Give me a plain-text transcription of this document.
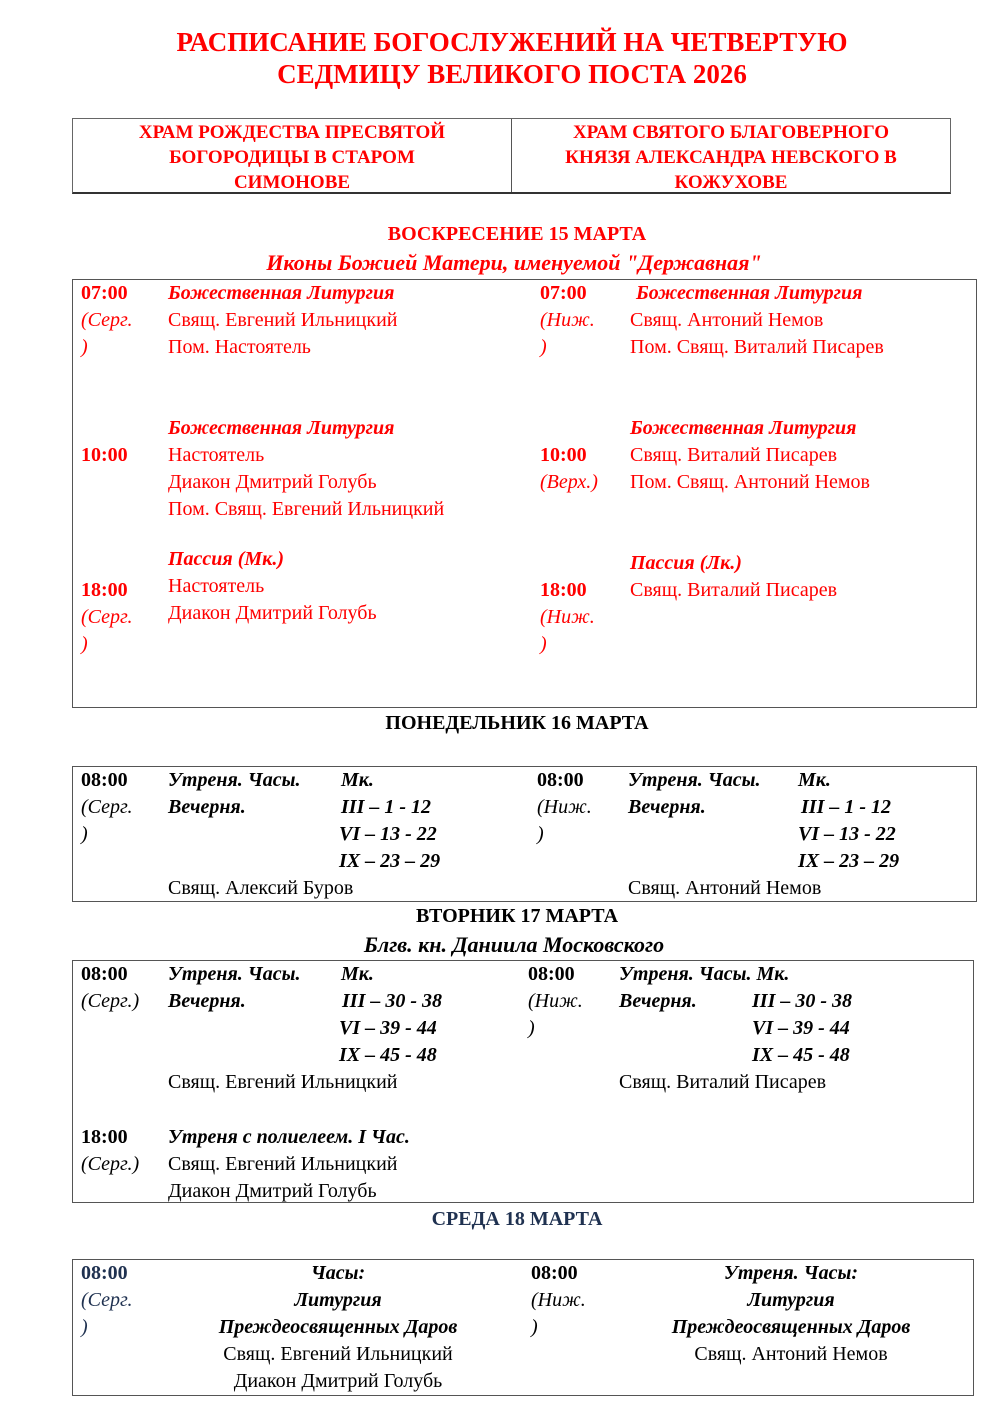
РАСПИСАНИЕ БОГОСЛУЖЕНИЙ НА ЧЕТВЕРТУЮ
СЕДМИЦУ ВЕЛИКОГО ПОСТА 2026
ХРАМ РОЖДЕСТВА ПРЕСВЯТОЙ
БОГОРОДИЦЫ В СТАРОМ
СИМОНОВЕ
ХРАМ СВЯТОГО БЛАГОВЕРНОГО
КНЯЗЯ АЛЕКСАНДРА НЕВСКОГО В
КОЖУХОВЕ
ВОСКРЕСЕНИЕ 15 МАРТА
Иконы Божией Матери, именуемой "Державная"
07:00
(Серг.
)
Божественная Литургия
Свящ. Евгений Ильницкий
Пом. Настоятель
10:00
Божественная Литургия
Настоятель
Диакон Дмитрий Голубь
Пом. Свящ. Евгений Ильницкий
18:00
(Серг.
)
Пассия (Мк.)
Настоятель
Диакон Дмитрий Голубь
07:00
(Ниж.
)
Божественная Литургия
Свящ. Антоний Немов
Пом. Свящ. Виталий Писарев
10:00
(Верх.)
Божественная Литургия
Свящ. Виталий Писарев
Пом. Свящ. Антоний Немов
18:00
(Ниж.
)
Пассия (Лк.)
Свящ. Виталий Писарев
ПОНЕДЕЛЬНИК 16 МАРТА
08:00
(Серг.
)
Утреня. Часы.
Вечерня.
Мк.
III – 1 - 12
VI – 13 - 22
IX – 23 – 29
Свящ. Алексий Буров
08:00
(Ниж.
)
Утреня. Часы.
Вечерня.
Мк.
III – 1 - 12
VI – 13 - 22
IX – 23 – 29
Свящ. Антоний Немов
ВТОРНИК 17 МАРТА
Блгв. кн. Даниила Московского
08:00
(Серг.)
Утреня. Часы.
Вечерня.
Мк.
III – 30 - 38
VI – 39 - 44
IX – 45 - 48
Свящ. Евгений Ильницкий
18:00
(Серг.)
Утреня с полиелеем. I Час.
Свящ. Евгений Ильницкий
Диакон Дмитрий Голубь
08:00
(Ниж.
)
Утреня. Часы. Мк.
Вечерня.	III – 30 - 38
VI – 39 - 44
IX – 45 - 48
Свящ. Виталий Писарев
СРЕДА 18 МАРТА
08:00
(Серг.
)
Часы:
Литургия
Преждеосвященных Даров
Свящ. Евгений Ильницкий
Диакон Дмитрий Голубь
08:00
(Ниж.
)
Утреня. Часы:
Литургия
Преждеосвященных Даров
Свящ. Антоний Немов
